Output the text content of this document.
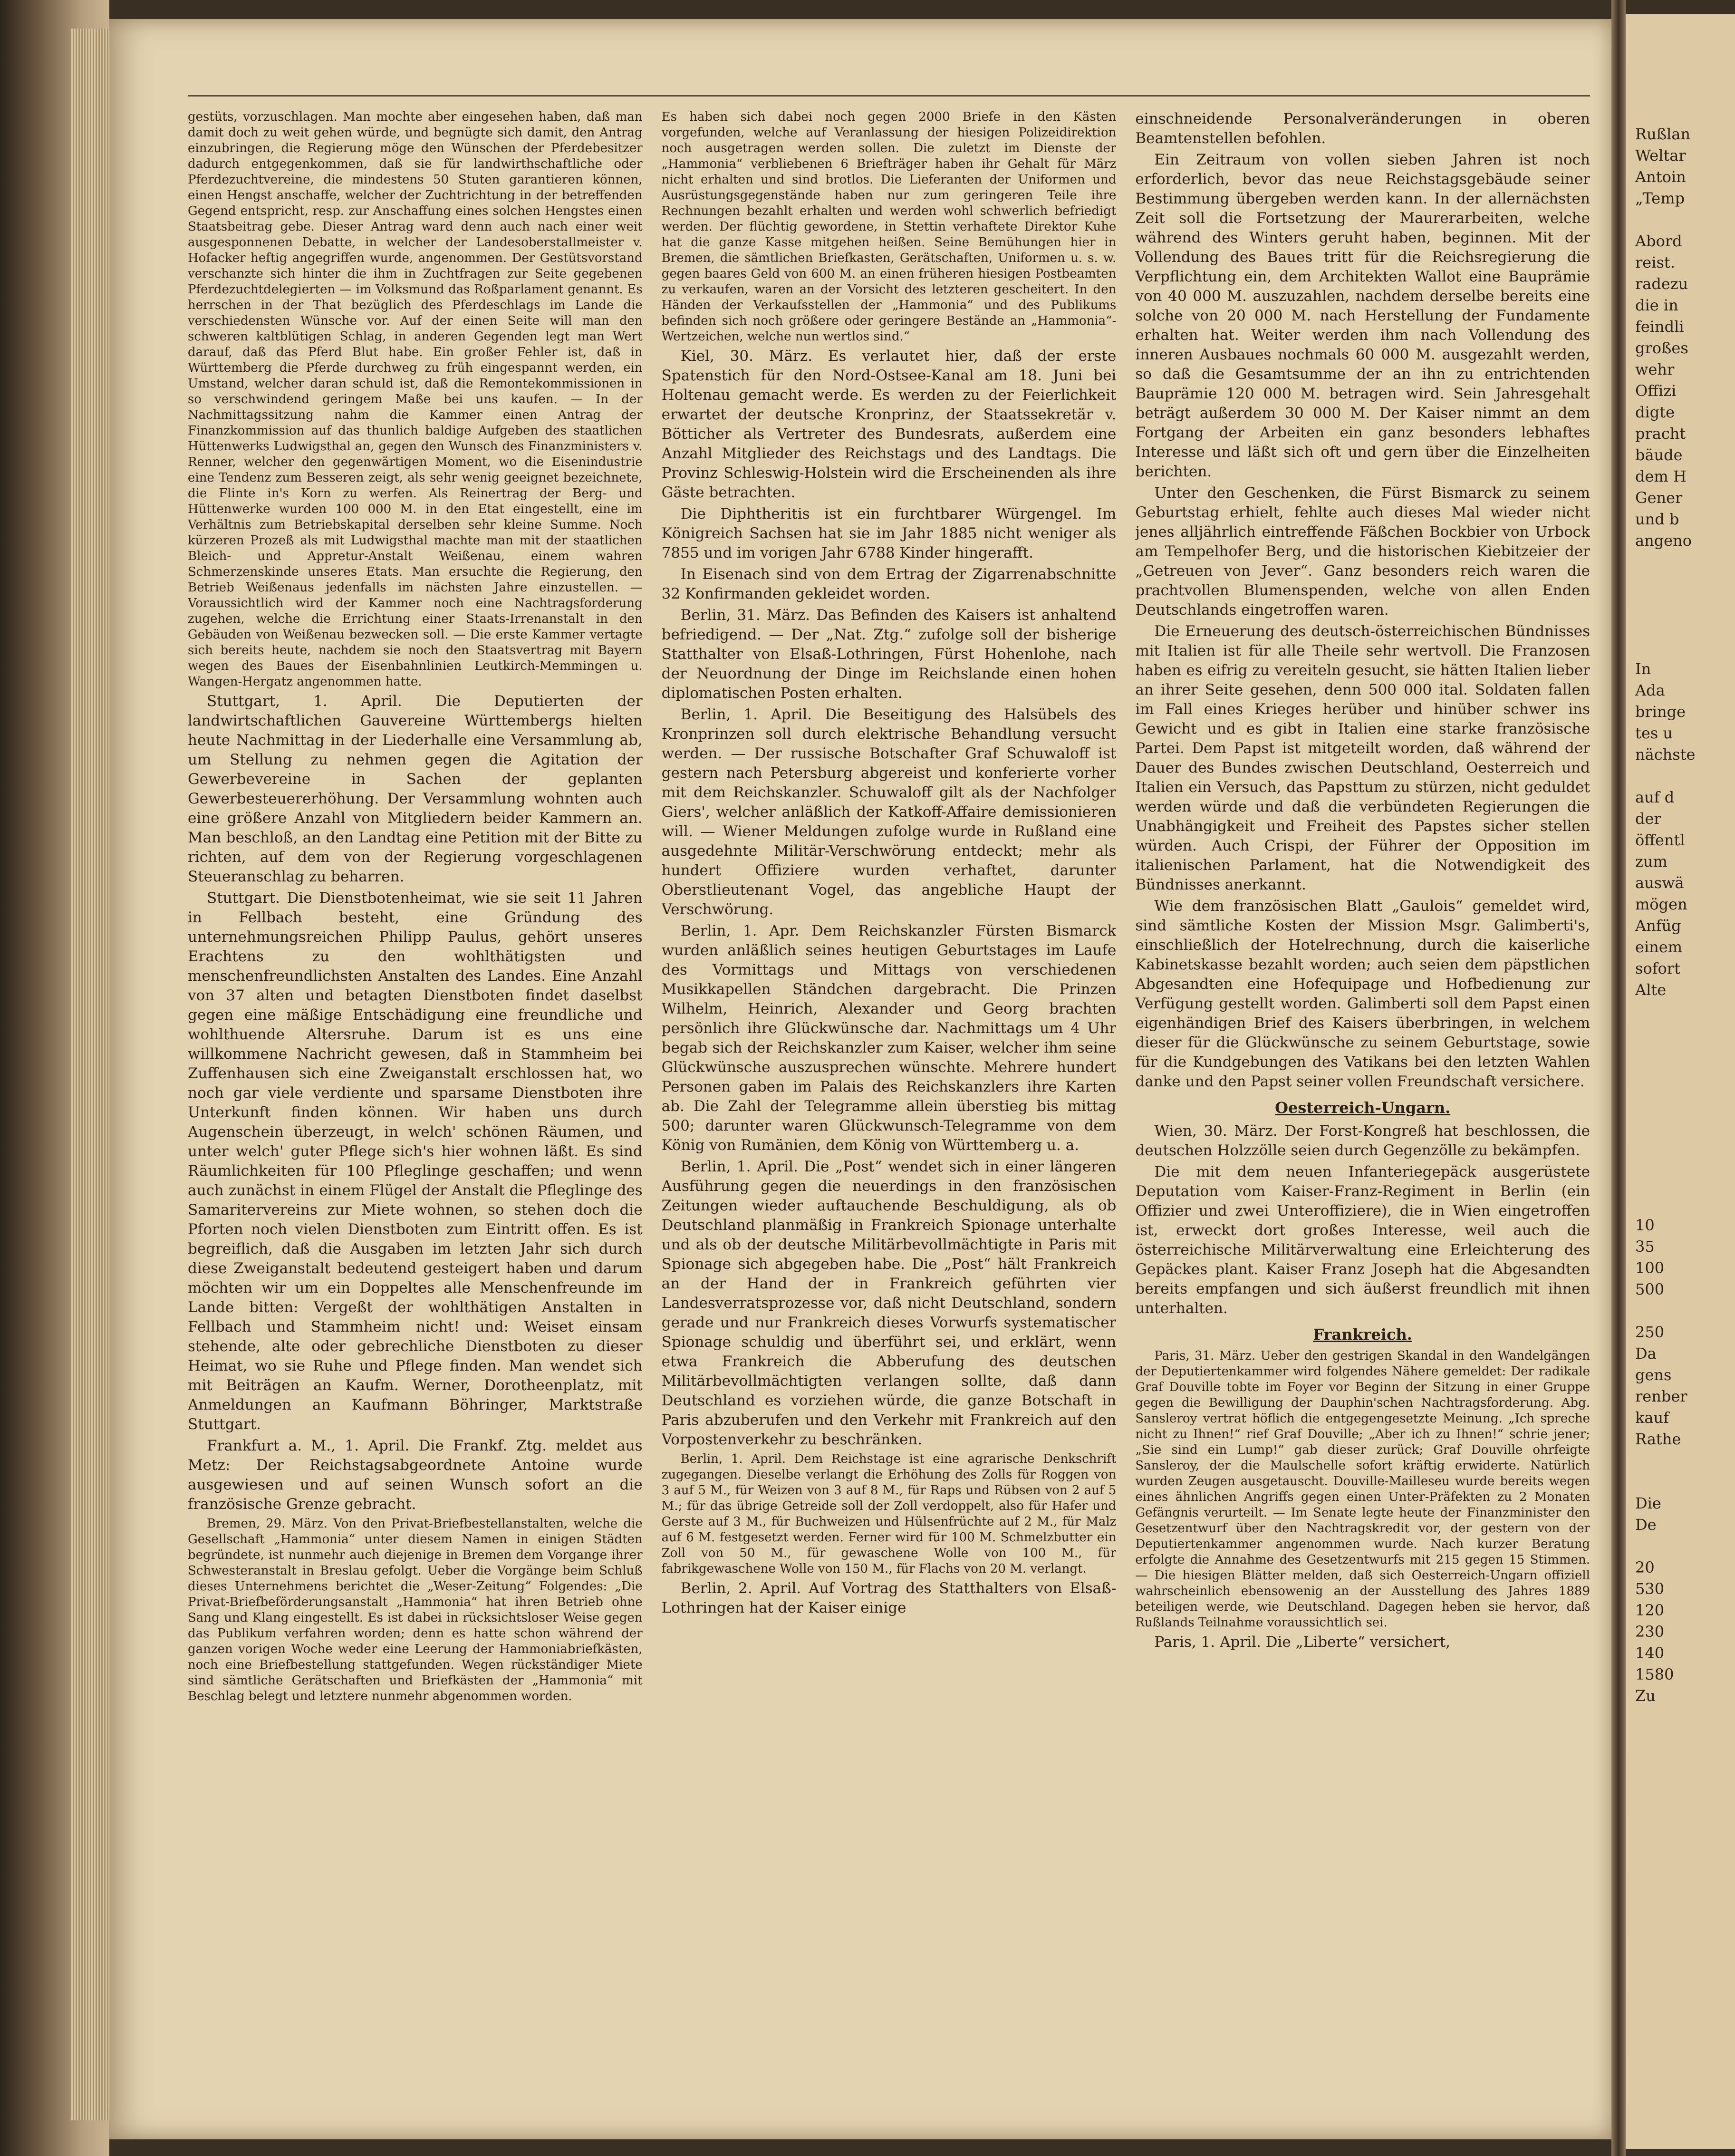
Rußlan
Weltar
Antoin
„Temp

Abord
reist.
radezu
die in
feindli
großes
wehr
Offizi
digte
pracht
bäude
dem H
Gener
und b
angeno

In
Ada
bringe
tes u
nächste

auf d
der
öffentl
zum
auswä
mögen
Anfüg
einem
sofort
Alte

10
35
100
500

250
Da
gens
renber
kauf
Rathe

Die
De

20
530
120
230
140
1580
Zu

gestüts, vorzuschlagen. Man mochte aber eingesehen haben, daß man damit doch zu weit gehen würde, und begnügte sich damit, den Antrag einzubringen, die Regierung möge den Wünschen der Pferdebesitzer dadurch entgegenkommen, daß sie für landwirthschaftliche oder Pferdezuchtvereine, die mindestens 50 Stuten garantieren können, einen Hengst anschaffe, welcher der Zuchtrichtung in der betreffenden Gegend entspricht, resp. zur Anschaffung eines solchen Hengstes einen Staatsbeitrag gebe. Dieser Antrag ward denn auch nach einer weit ausgesponnenen Debatte, in welcher der Landesoberstallmeister v. Hofacker heftig angegriffen wurde, angenommen. Der Gestütsvorstand verschanzte sich hinter die ihm in Zuchtfragen zur Seite gegebenen Pferdezuchtdelegierten — im Volksmund das Roßparlament genannt. Es herrschen in der That bezüglich des Pferdeschlags im Lande die verschiedensten Wünsche vor. Auf der einen Seite will man den schweren kaltblütigen Schlag, in anderen Gegenden legt man Wert darauf, daß das Pferd Blut habe. Ein großer Fehler ist, daß in Württemberg die Pferde durchweg zu früh eingespannt werden, ein Umstand, welcher daran schuld ist, daß die Remontekommissionen in so verschwindend geringem Maße bei uns kaufen. — In der Nachmittagssitzung nahm die Kammer einen Antrag der Finanzkommission auf das thunlich baldige Aufgeben des staatlichen Hüttenwerks Ludwigsthal an, gegen den Wunsch des Finanzministers v. Renner, welcher den gegenwärtigen Moment, wo die Eisenindustrie eine Tendenz zum Besseren zeigt, als sehr wenig geeignet bezeichnete, die Flinte in's Korn zu werfen. Als Reinertrag der Berg- und Hüttenwerke wurden 100 000 M. in den Etat eingestellt, eine im Verhältnis zum Betriebskapital derselben sehr kleine Summe. Noch kürzeren Prozeß als mit Ludwigsthal machte man mit der staatlichen Bleich- und Appretur-Anstalt Weißenau, einem wahren Schmerzenskinde unseres Etats. Man ersuchte die Regierung, den Betrieb Weißenaus jedenfalls im nächsten Jahre einzustellen. — Voraussichtlich wird der Kammer noch eine Nachtragsforderung zugehen, welche die Errichtung einer Staats-Irrenanstalt in den Gebäuden von Weißenau bezwecken soll. — Die erste Kammer vertagte sich bereits heute, nachdem sie noch den Staatsvertrag mit Bayern wegen des Baues der Eisenbahnlinien Leutkirch-Memmingen u. Wangen-Hergatz angenommen hatte.

Stuttgart, 1. April. Die Deputierten der landwirtschaftlichen Gauvereine Württembergs hielten heute Nachmittag in der Liederhalle eine Versammlung ab, um Stellung zu nehmen gegen die Agitation der Gewerbevereine in Sachen der geplanten Gewerbesteuererhöhung. Der Versammlung wohnten auch eine größere Anzahl von Mitgliedern beider Kammern an. Man beschloß, an den Landtag eine Petition mit der Bitte zu richten, auf dem von der Regierung vorgeschlagenen Steueranschlag zu beharren.

Stuttgart. Die Dienstbotenheimat, wie sie seit 11 Jahren in Fellbach besteht, eine Gründung des unternehmungsreichen Philipp Paulus, gehört unseres Erachtens zu den wohlthätigsten und menschenfreundlichsten Anstalten des Landes. Eine Anzahl von 37 alten und betagten Dienstboten findet daselbst gegen eine mäßige Entschädigung eine freundliche und wohlthuende Altersruhe. Darum ist es uns eine willkommene Nachricht gewesen, daß in Stammheim bei Zuffenhausen sich eine Zweiganstalt erschlossen hat, wo noch gar viele verdiente und sparsame Dienstboten ihre Unterkunft finden können. Wir haben uns durch Augenschein überzeugt, in welch' schönen Räumen, und unter welch' guter Pflege sich's hier wohnen läßt. Es sind Räumlichkeiten für 100 Pfleglinge geschaffen; und wenn auch zunächst in einem Flügel der Anstalt die Pfleglinge des Samaritervereins zur Miete wohnen, so stehen doch die Pforten noch vielen Dienstboten zum Eintritt offen. Es ist begreiflich, daß die Ausgaben im letzten Jahr sich durch diese Zweiganstalt bedeutend gesteigert haben und darum möchten wir um ein Doppeltes alle Menschenfreunde im Lande bitten: Vergeßt der wohlthätigen Anstalten in Fellbach und Stammheim nicht! und: Weiset einsam stehende, alte oder gebrechliche Dienstboten zu dieser Heimat, wo sie Ruhe und Pflege finden. Man wendet sich mit Beiträgen an Kaufm. Werner, Dorotheenplatz, mit Anmeldungen an Kaufmann Böhringer, Marktstraße Stuttgart.

Frankfurt a. M., 1. April. Die Frankf. Ztg. meldet aus Metz: Der Reichstagsabgeordnete Antoine wurde ausgewiesen und auf seinen Wunsch sofort an die französische Grenze gebracht.

Bremen, 29. März. Von den Privat-Briefbestellanstalten, welche die Gesellschaft „Hammonia“ unter diesem Namen in einigen Städten begründete, ist nunmehr auch diejenige in Bremen dem Vorgange ihrer Schwesteranstalt in Breslau gefolgt. Ueber die Vorgänge beim Schluß dieses Unternehmens berichtet die „Weser-Zeitung“ Folgendes: „Die Privat-Briefbeförderungsanstalt „Hammonia“ hat ihren Betrieb ohne Sang und Klang eingestellt. Es ist dabei in rücksichtsloser Weise gegen das Publikum verfahren worden; denn es hatte schon während der ganzen vorigen Woche weder eine Leerung der Hammoniabriefkästen, noch eine Briefbestellung stattgefunden. Wegen rückständiger Miete sind sämtliche Gerätschaften und Briefkästen der „Hammonia“ mit Beschlag belegt und letztere nunmehr abgenommen worden.

Es haben sich dabei noch gegen 2000 Briefe in den Kästen vorgefunden, welche auf Veranlassung der hiesigen Polizeidirektion noch ausgetragen werden sollen. Die zuletzt im Dienste der „Hammonia“ verbliebenen 6 Briefträger haben ihr Gehalt für März nicht erhalten und sind brotlos. Die Lieferanten der Uniformen und Ausrüstungsgegenstände haben nur zum geringeren Teile ihre Rechnungen bezahlt erhalten und werden wohl schwerlich befriedigt werden. Der flüchtig gewordene, in Stettin verhaftete Direktor Kuhe hat die ganze Kasse mitgehen heißen. Seine Bemühungen hier in Bremen, die sämtlichen Briefkasten, Gerätschaften, Uniformen u. s. w. gegen baares Geld von 600 M. an einen früheren hiesigen Postbeamten zu verkaufen, waren an der Vorsicht des letzteren gescheitert. In den Händen der Verkaufsstellen der „Hammonia“ und des Publikums befinden sich noch größere oder geringere Bestände an „Hammonia“-Wertzeichen, welche nun wertlos sind.“

Kiel, 30. März. Es verlautet hier, daß der erste Spatenstich für den Nord-Ostsee-Kanal am 18. Juni bei Holtenau gemacht werde. Es werden zu der Feierlichkeit erwartet der deutsche Kronprinz, der Staatssekretär v. Bötticher als Vertreter des Bundesrats, außerdem eine Anzahl Mitglieder des Reichstags und des Landtags. Die Provinz Schleswig-Holstein wird die Erscheinenden als ihre Gäste betrachten.

Die Diphtheritis ist ein furchtbarer Würgengel. Im Königreich Sachsen hat sie im Jahr 1885 nicht weniger als 7855 und im vorigen Jahr 6788 Kinder hingerafft.

In Eisenach sind von dem Ertrag der Zigarrenabschnitte 32 Konfirmanden gekleidet worden.

Berlin, 31. März. Das Befinden des Kaisers ist anhaltend befriedigend. — Der „Nat. Ztg.“ zufolge soll der bisherige Statthalter von Elsaß-Lothringen, Fürst Hohenlohe, nach der Neuordnung der Dinge im Reichslande einen hohen diplomatischen Posten erhalten.

Berlin, 1. April. Die Beseitigung des Halsübels des Kronprinzen soll durch elektrische Behandlung versucht werden. — Der russische Botschafter Graf Schuwaloff ist gestern nach Petersburg abgereist und konferierte vorher mit dem Reichskanzler. Schuwaloff gilt als der Nachfolger Giers', welcher anläßlich der Katkoff-Affaire demissionieren will. — Wiener Meldungen zufolge wurde in Rußland eine ausgedehnte Militär-Verschwörung entdeckt; mehr als hundert Offiziere wurden verhaftet, darunter Oberstlieutenant Vogel, das angebliche Haupt der Verschwörung.

Berlin, 1. Apr. Dem Reichskanzler Fürsten Bismarck wurden anläßlich seines heutigen Geburtstages im Laufe des Vormittags und Mittags von verschiedenen Musikkapellen Ständchen dargebracht. Die Prinzen Wilhelm, Heinrich, Alexander und Georg brachten persönlich ihre Glückwünsche dar. Nachmittags um 4 Uhr begab sich der Reichskanzler zum Kaiser, welcher ihm seine Glückwünsche auszusprechen wünschte. Mehrere hundert Personen gaben im Palais des Reichskanzlers ihre Karten ab. Die Zahl der Telegramme allein überstieg bis mittag 500; darunter waren Glückwunsch-Telegramme von dem König von Rumänien, dem König von Württemberg u. a.

Berlin, 1. April. Die „Post“ wendet sich in einer längeren Ausführung gegen die neuerdings in den französischen Zeitungen wieder auftauchende Beschuldigung, als ob Deutschland planmäßig in Frankreich Spionage unterhalte und als ob der deutsche Militärbevollmächtigte in Paris mit Spionage sich abgegeben habe. Die „Post“ hält Frankreich an der Hand der in Frankreich geführten vier Landesverratsprozesse vor, daß nicht Deutschland, sondern gerade und nur Frankreich dieses Vorwurfs systematischer Spionage schuldig und überführt sei, und erklärt, wenn etwa Frankreich die Abberufung des deutschen Militärbevollmächtigten verlangen sollte, daß dann Deutschland es vorziehen würde, die ganze Botschaft in Paris abzuberufen und den Verkehr mit Frankreich auf den Vorpostenverkehr zu beschränken.

Berlin, 1. April. Dem Reichstage ist eine agrarische Denkschrift zugegangen. Dieselbe verlangt die Erhöhung des Zolls für Roggen von 3 auf 5 M., für Weizen von 3 auf 8 M., für Raps und Rübsen von 2 auf 5 M.; für das übrige Getreide soll der Zoll verdoppelt, also für Hafer und Gerste auf 3 M., für Buchweizen und Hülsenfrüchte auf 2 M., für Malz auf 6 M. festgesetzt werden. Ferner wird für 100 M. Schmelzbutter ein Zoll von 50 M., für gewaschene Wolle von 100 M., für fabrikgewaschene Wolle von 150 M., für Flachs von 20 M. verlangt.

Berlin, 2. April. Auf Vortrag des Statthalters von Elsaß-Lothringen hat der Kaiser einige

einschneidende Personalveränderungen in oberen Beamtenstellen befohlen.

Ein Zeitraum von vollen sieben Jahren ist noch erforderlich, bevor das neue Reichstagsgebäude seiner Bestimmung übergeben werden kann. In der allernächsten Zeit soll die Fortsetzung der Maurerarbeiten, welche während des Winters geruht haben, beginnen. Mit der Vollendung des Baues tritt für die Reichsregierung die Verpflichtung ein, dem Architekten Wallot eine Bauprämie von 40 000 M. auszuzahlen, nachdem derselbe bereits eine solche von 20 000 M. nach Herstellung der Fundamente erhalten hat. Weiter werden ihm nach Vollendung des inneren Ausbaues nochmals 60 000 M. ausgezahlt werden, so daß die Gesamtsumme der an ihn zu entrichtenden Bauprämie 120 000 M. betragen wird. Sein Jahresgehalt beträgt außerdem 30 000 M. Der Kaiser nimmt an dem Fortgang der Arbeiten ein ganz besonders lebhaftes Interesse und läßt sich oft und gern über die Einzelheiten berichten.

Unter den Geschenken, die Fürst Bismarck zu seinem Geburtstag erhielt, fehlte auch dieses Mal wieder nicht jenes alljährlich eintreffende Fäßchen Bockbier von Urbock am Tempelhofer Berg, und die historischen Kiebitzeier der „Getreuen von Jever“. Ganz besonders reich waren die prachtvollen Blumenspenden, welche von allen Enden Deutschlands eingetroffen waren.

Die Erneuerung des deutsch-österreichischen Bündnisses mit Italien ist für alle Theile sehr wertvoll. Die Franzosen haben es eifrig zu vereiteln gesucht, sie hätten Italien lieber an ihrer Seite gesehen, denn 500 000 ital. Soldaten fallen im Fall eines Krieges herüber und hinüber schwer ins Gewicht und es gibt in Italien eine starke französische Partei. Dem Papst ist mitgeteilt worden, daß während der Dauer des Bundes zwischen Deutschland, Oesterreich und Italien ein Versuch, das Papsttum zu stürzen, nicht geduldet werden würde und daß die verbündeten Regierungen die Unabhängigkeit und Freiheit des Papstes sicher stellen würden. Auch Crispi, der Führer der Opposition im italienischen Parlament, hat die Notwendigkeit des Bündnisses anerkannt.

Wie dem französischen Blatt „Gaulois“ gemeldet wird, sind sämtliche Kosten der Mission Msgr. Galimberti's, einschließlich der Hotelrechnung, durch die kaiserliche Kabinetskasse bezahlt worden; auch seien dem päpstlichen Abgesandten eine Hofequipage und Hofbedienung zur Verfügung gestellt worden. Galimberti soll dem Papst einen eigenhändigen Brief des Kaisers überbringen, in welchem dieser für die Glückwünsche zu seinem Geburtstage, sowie für die Kundgebungen des Vatikans bei den letzten Wahlen danke und den Papst seiner vollen Freundschaft versichere.

Oesterreich-Ungarn.

Wien, 30. März. Der Forst-Kongreß hat beschlossen, die deutschen Holzzölle seien durch Gegenzölle zu bekämpfen.

Die mit dem neuen Infanteriegepäck ausgerüstete Deputation vom Kaiser-Franz-Regiment in Berlin (ein Offizier und zwei Unteroffiziere), die in Wien eingetroffen ist, erweckt dort großes Interesse, weil auch die österreichische Militärverwaltung eine Erleichterung des Gepäckes plant. Kaiser Franz Joseph hat die Abgesandten bereits empfangen und sich äußerst freundlich mit ihnen unterhalten.

Frankreich.

Paris, 31. März. Ueber den gestrigen Skandal in den Wandelgängen der Deputiertenkammer wird folgendes Nähere gemeldet: Der radikale Graf Douville tobte im Foyer vor Beginn der Sitzung in einer Gruppe gegen die Bewilligung der Dauphin'schen Nachtragsforderung. Abg. Sansleroy vertrat höflich die entgegengesetzte Meinung. „Ich spreche nicht zu Ihnen!“ rief Graf Douville; „Aber ich zu Ihnen!“ schrie jener; „Sie sind ein Lump!“ gab dieser zurück; Graf Douville ohrfeigte Sansleroy, der die Maulschelle sofort kräftig erwiderte. Natürlich wurden Zeugen ausgetauscht. Douville-Mailleseu wurde bereits wegen eines ähnlichen Angriffs gegen einen Unter-Präfekten zu 2 Monaten Gefängnis verurteilt. — Im Senate legte heute der Finanzminister den Gesetzentwurf über den Nachtragskredit vor, der gestern von der Deputiertenkammer angenommen wurde. Nach kurzer Beratung erfolgte die Annahme des Gesetzentwurfs mit 215 gegen 15 Stimmen. — Die hiesigen Blätter melden, daß sich Oesterreich-Ungarn offiziell wahrscheinlich ebensowenig an der Ausstellung des Jahres 1889 beteiligen werde, wie Deutschland. Dagegen heben sie hervor, daß Rußlands Teilnahme voraussichtlich sei.

Paris, 1. April. Die „Liberte“ versichert,
